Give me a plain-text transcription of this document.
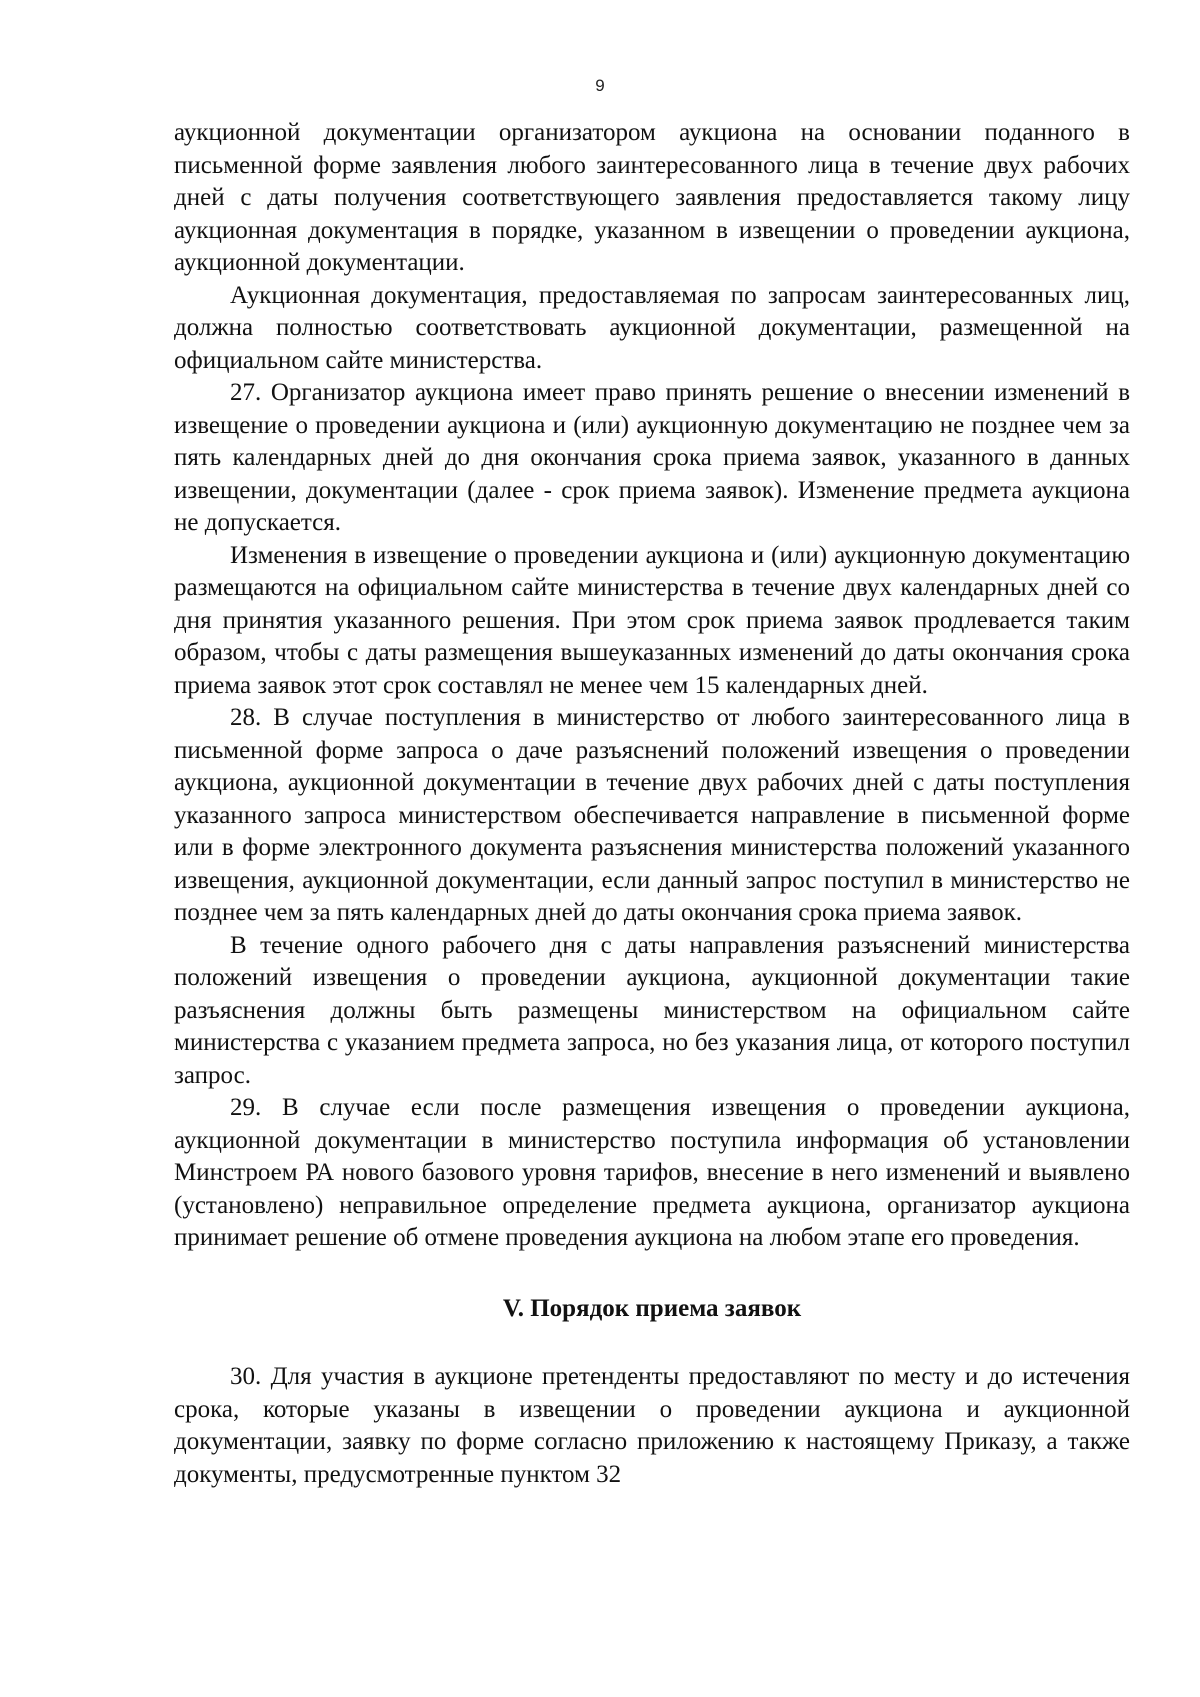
9

аукционной документации организатором аукциона на основании поданного в письменной форме заявления любого заинтересованного лица в течение двух рабочих дней с даты получения соответствующего заявления предоставляется такому лицу аукционная документация в порядке, указанном в извещении о проведении аукциона, аукционной документации.

Аукционная документация, предоставляемая по запросам заинтересованных лиц, должна полностью соответствовать аукционной документации, размещенной на официальном сайте министерства.

27. Организатор аукциона имеет право принять решение о внесении изменений в извещение о проведении аукциона и (или) аукционную документацию не позднее чем за пять календарных дней до дня окончания срока приема заявок, указанного в данных извещении, документации (далее - срок приема заявок). Изменение предмета аукциона не допускается.

Изменения в извещение о проведении аукциона и (или) аукционную документацию размещаются на официальном сайте министерства в течение двух календарных дней со дня принятия указанного решения. При этом срок приема заявок продлевается таким образом, чтобы с даты размещения вышеуказанных изменений до даты окончания срока приема заявок этот срок составлял не менее чем 15 календарных дней.

28. В случае поступления в министерство от любого заинтересованного лица в письменной форме запроса о даче разъяснений положений извещения о проведении аукциона, аукционной документации в течение двух рабочих дней с даты поступления указанного запроса министерством обеспечивается направление в письменной форме или в форме электронного документа разъяснения министерства положений указанного извещения, аукционной документации, если данный запрос поступил в министерство не позднее чем за пять календарных дней до даты окончания срока приема заявок.

В течение одного рабочего дня с даты направления разъяснений министерства положений извещения о проведении аукциона, аукционной документации такие разъяснения должны быть размещены министерством на официальном сайте министерства с указанием предмета запроса, но без указания лица, от которого поступил запрос.

29. В случае если после размещения извещения о проведении аукциона, аукционной документации в министерство поступила информация об установлении Минстроем РА нового базового уровня тарифов, внесение в него изменений и выявлено (установлено) неправильное определение предмета аукциона, организатор аукциона принимает решение об отмене проведения аукциона на любом этапе его проведения.

V. Порядок приема заявок

30. Для участия в аукционе претенденты предоставляют по месту и до истечения срока, которые указаны в извещении о проведении аукциона и аукционной документации, заявку по форме согласно приложению к настоящему Приказу, а также документы, предусмотренные пунктом 32
